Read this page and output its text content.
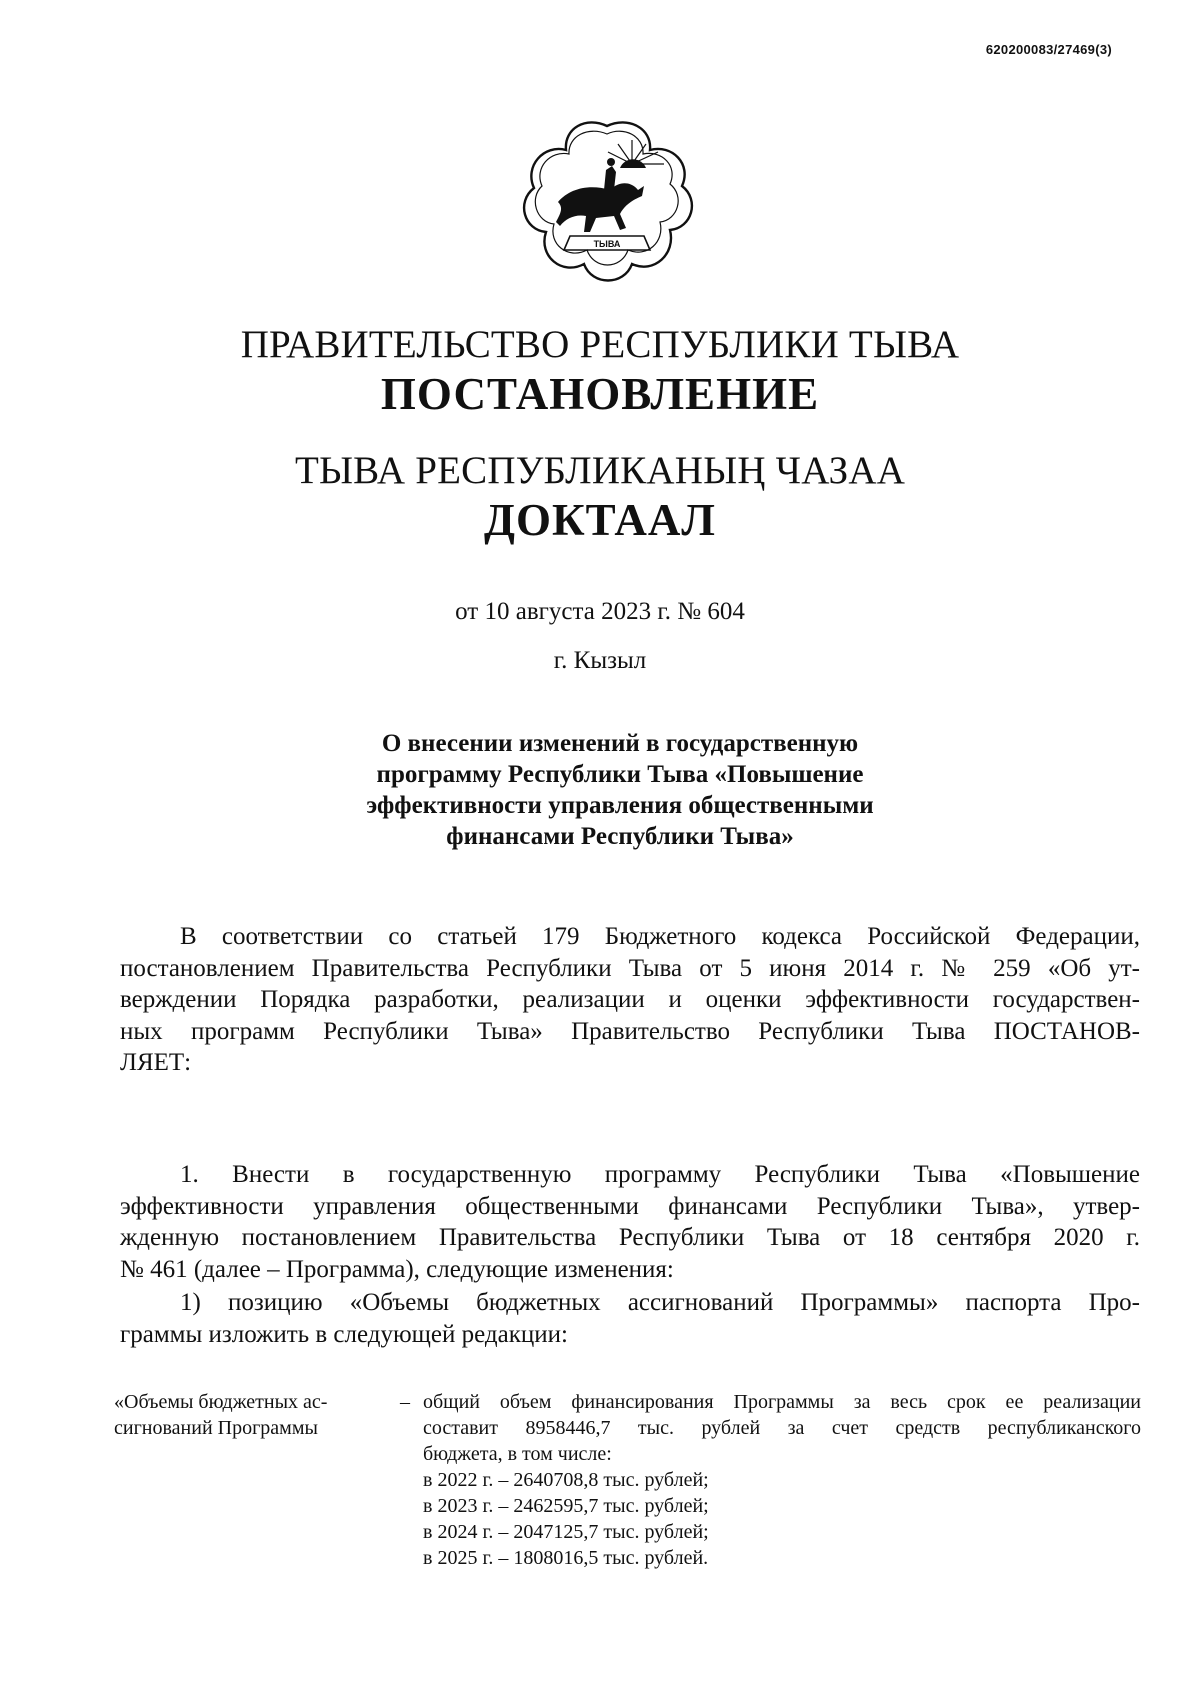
620200083/27469(3)
ТЫВА
ПРАВИТЕЛЬСТВО РЕСПУБЛИКИ ТЫВА
ПОСТАНОВЛЕНИЕ
ТЫВА РЕСПУБЛИКАНЫҢ ЧАЗАА
ДОКТААЛ
от 10 августа 2023 г. № 604
г. Кызыл
О внесении изменений в государственную
программу Республики Тыва «Повышение
эффективности управления общественными
финансами Республики Тыва»
В соответствии со статьей 179 Бюджетного кодекса Российской Федерации,
постановлением Правительства Республики Тыва от 5 июня 2014 г. № 259 «Об ут-
верждении Порядка разработки, реализации и оценки эффективности государствен-
ных программ Республики Тыва» Правительство Республики Тыва ПОСТАНОВ-
ЛЯЕТ:
1. Внести в государственную программу Республики Тыва «Повышение
эффективности управления общественными финансами Республики Тыва», утвер-
жденную постановлением Правительства Республики Тыва от 18 сентября 2020 г.
№ 461 (далее – Программа), следующие изменения:
1) позицию «Объемы бюджетных ассигнований Программы» паспорта Про-
граммы изложить в следующей редакции:
«Объемы бюджетных ас-
сигнований Программы
– общий объем финансирования Программы за весь срок ее реализации
составит 8958446,7 тыс. рублей за счет средств республиканского
бюджета, в том числе:
в 2022 г. – 2640708,8 тыс. рублей;
в 2023 г. – 2462595,7 тыс. рублей;
в 2024 г. – 2047125,7 тыс. рублей;
в 2025 г. – 1808016,5 тыс. рублей.
